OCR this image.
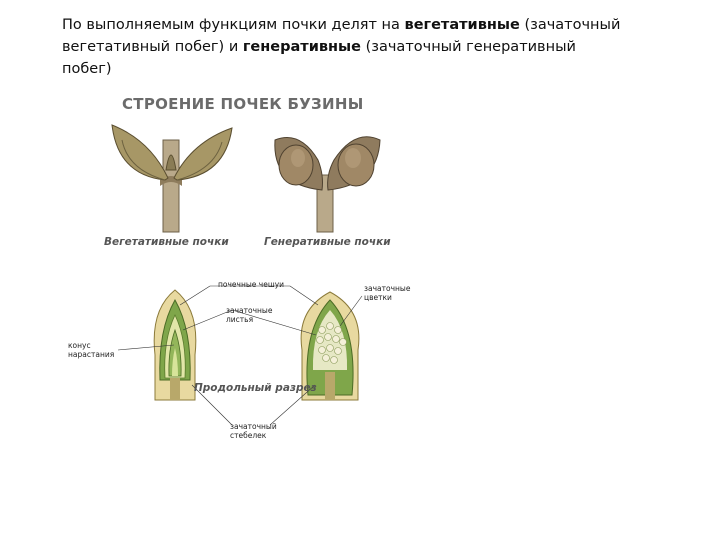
По выполняемым функциям почки делят на вегетативные (зачаточный вегетативный побег) и генеративные (зачаточный генеративный побег)
СТРОЕНИЕ ПОЧЕК БУЗИНЫ
Вегетативные почки	Генеративные почки
почечные чешуи
зачаточные листья
конус нарастания
зачаточные цветки
зачаточный стебелек
Продольный разрез
